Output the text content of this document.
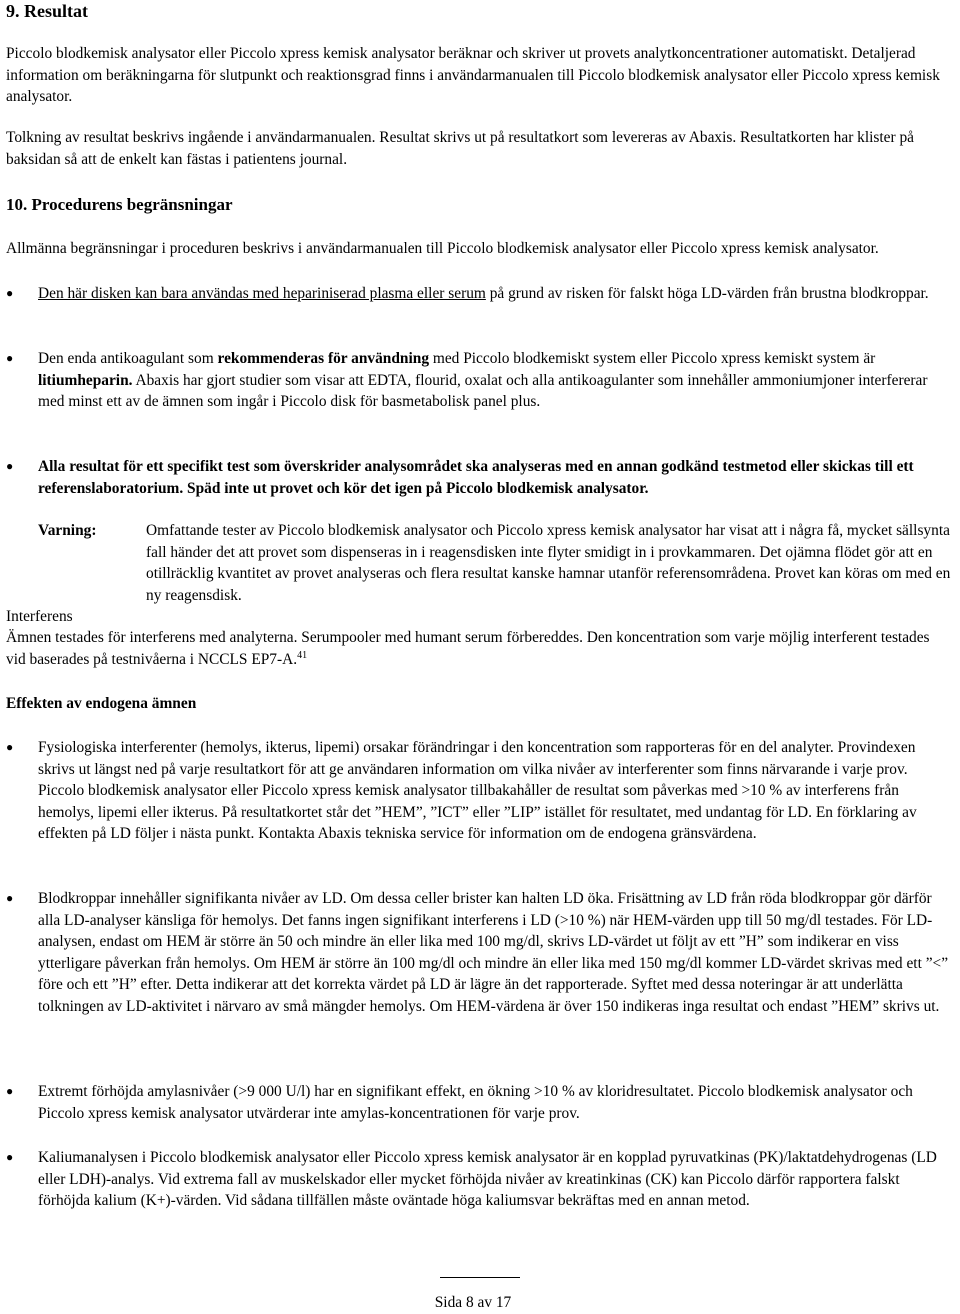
9. Resultat

Piccolo blodkemisk analysator eller Piccolo xpress kemisk analysator beräknar och skriver ut provets analytkoncentrationer automatiskt. Detaljerad information om beräkningarna för slutpunkt och reaktionsgrad finns i användarmanualen till Piccolo blodkemisk analysator eller Piccolo xpress kemisk analysator.

Tolkning av resultat beskrivs ingående i användarmanualen. Resultat skrivs ut på resultatkort som levereras av Abaxis. Resultatkorten har klister på baksidan så att de enkelt kan fästas i patientens journal.

10. Procedurens begränsningar

Allmänna begränsningar i proceduren beskrivs i användarmanualen till Piccolo blodkemisk analysator eller Piccolo xpress kemisk analysator.

●	Den här disken kan bara användas med hepariniserad plasma eller serum på grund av risken för falskt höga LD-värden från brustna blodkroppar.

●	Den enda antikoagulant som rekommenderas för användning med Piccolo blodkemiskt system eller Piccolo xpress kemiskt system är litiumheparin. Abaxis har gjort studier som visar att EDTA, flourid, oxalat och alla antikoagulanter som innehåller ammoniumjoner interfererar med minst ett av de ämnen som ingår i Piccolo disk för basmetabolisk panel plus.

●	Alla resultat för ett specifikt test som överskrider analysområdet ska analyseras med en annan godkänd testmetod eller skickas till ett referenslaboratorium. Späd inte ut provet och kör det igen på Piccolo blodkemisk analysator.

Varning:	Omfattande tester av Piccolo blodkemisk analysator och Piccolo xpress kemisk analysator har visat att i några få, mycket sällsynta fall händer det att provet som dispenseras in i reagensdisken inte flyter smidigt in i provkammaren. Det ojämna flödet gör att en otillräcklig kvantitet av provet analyseras och flera resultat kanske hamnar utanför referensområdena. Provet kan köras om med en ny reagensdisk.
Interferens

Ämnen testades för interferens med analyterna. Serumpooler med humant serum förbereddes. Den koncentration som varje möjlig interferent testades vid baserades på testnivåerna i NCCLS EP7-A.$^{41}$

Effekten av endogena ämnen
●	Fysiologiska interferenter (hemolys, ikterus, lipemi) orsakar förändringar i den koncentration som rapporteras för en del analyter. Provindexen skrivs ut längst ned på varje resultatkort för att ge användaren information om vilka nivåer av interferenter som finns närvarande i varje prov. Piccolo blodkemisk analysator eller Piccolo xpress kemisk analysator tillbakahåller de resultat som påverkas med >10 % av interferens från hemolys, lipemi eller ikterus. På resultatkortet står det ”HEM”, ”ICT” eller ”LIP” istället för resultatet, med undantag för LD. En förklaring av effekten på LD följer i nästa punkt. Kontakta Abaxis tekniska service för information om de endogena gränsvärdena.

●	Blodkroppar innehåller signifikanta nivåer av LD. Om dessa celler brister kan halten LD öka. Frisättning av LD från röda blodkroppar gör därför alla LD-analyser känsliga för hemolys. Det fanns ingen signifikant interferens i LD (>10 %) när HEM-värden upp till 50 mg/dl testades. För LD-analysen, endast om HEM är större än 50 och mindre än eller lika med 100 mg/dl, skrivs LD-värdet ut följt av ett ”H” som indikerar en viss ytterligare påverkan från hemolys. Om HEM är större än 100 mg/dl och mindre än eller lika med 150 mg/dl kommer LD-värdet skrivas med ett ”<” före och ett ”H” efter. Detta indikerar att det korrekta värdet på LD är lägre än det rapporterade. Syftet med dessa noteringar är att underlätta tolkningen av LD-aktivitet i närvaro av små mängder hemolys. Om HEM-värdena är över 150 indikeras inga resultat och endast ”HEM” skrivs ut.

●	Extremt förhöjda amylasnivåer (>9 000 U/l) har en signifikant effekt, en ökning >10 % av kloridresultatet. Piccolo blodkemisk analysator och Piccolo xpress kemisk analysator utvärderar inte amylas-koncentrationen för varje prov.

●	Kaliumanalysen i Piccolo blodkemisk analysator eller Piccolo xpress kemisk analysator är en kopplad pyruvatkinas (PK)/laktatdehydrogenas (LD eller LDH)-analys. Vid extrema fall av muskelskador eller mycket förhöjda nivåer av kreatinkinas (CK) kan Piccolo därför rapportera falskt förhöjda kalium (K+)-värden. Vid sådana tillfällen måste oväntade höga kaliumsvar bekräftas med en annan metod.

Sida 8 av 17
